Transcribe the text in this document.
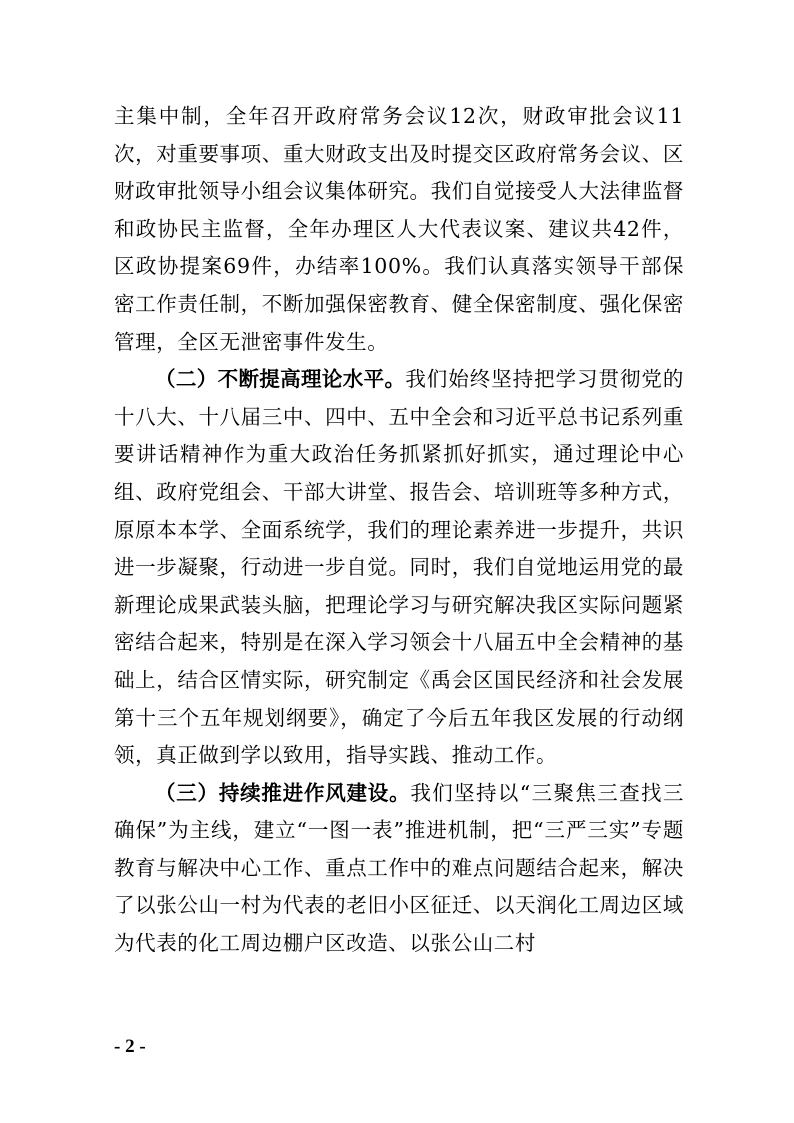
主集中制，全年召开政府常务会议12次，财政审批会议11次，对重要事项、重大财政支出及时提交区政府常务会议、区财政审批领导小组会议集体研究。我们自觉接受人大法律监督和政协民主监督，全年办理区人大代表议案、建议共42件，区政协提案69件，办结率100%。我们认真落实领导干部保密工作责任制，不断加强保密教育、健全保密制度、强化保密管理，全区无泄密事件发生。

（二）不断提高理论水平。我们始终坚持把学习贯彻党的十八大、十八届三中、四中、五中全会和习近平总书记系列重要讲话精神作为重大政治任务抓紧抓好抓实，通过理论中心组、政府党组会、干部大讲堂、报告会、培训班等多种方式，原原本本学、全面系统学，我们的理论素养进一步提升，共识进一步凝聚，行动进一步自觉。同时，我们自觉地运用党的最新理论成果武装头脑，把理论学习与研究解决我区实际问题紧密结合起来，特别是在深入学习领会十八届五中全会精神的基础上，结合区情实际，研究制定《禹会区国民经济和社会发展第十三个五年规划纲要》，确定了今后五年我区发展的行动纲领，真正做到学以致用，指导实践、推动工作。

（三）持续推进作风建设。我们坚持以“三聚焦三查找三确保”为主线，建立“一图一表”推进机制，把“三严三实”专题教育与解决中心工作、重点工作中的难点问题结合起来，解决了以张公山一村为代表的老旧小区征迁、以天润化工周边区域为代表的化工周边棚户区改造、以张公山二村

- 2 -
